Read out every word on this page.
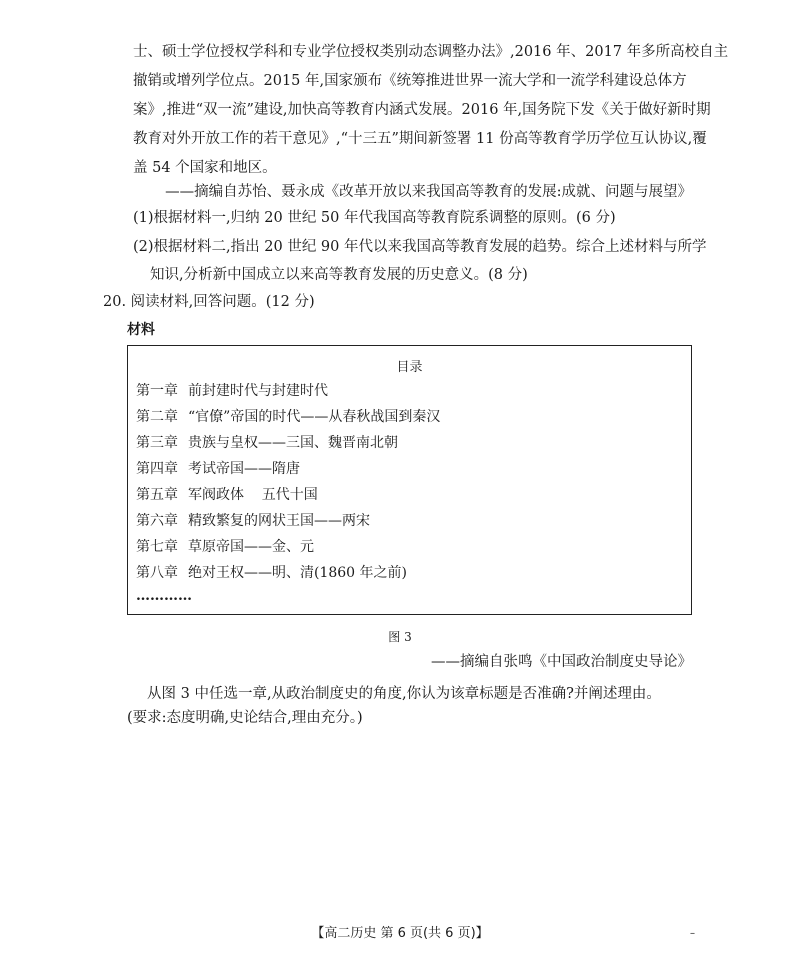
士、硕士学位授权学科和专业学位授权类别动态调整办法》,2016 年、2017 年多所高校自主
撤销或增列学位点。2015 年,国家颁布《统筹推进世界一流大学和一流学科建设总体方
案》,推进“双一流”建设,加快高等教育内涵式发展。2016 年,国务院下发《关于做好新时期
教育对外开放工作的若干意见》,“十三五”期间新签署 11 份高等教育学历学位互认协议,覆
盖 54 个国家和地区。
——摘编自苏怡、聂永成《改革开放以来我国高等教育的发展:成就、问题与展望》
(1)根据材料一,归纳 20 世纪 50 年代我国高等教育院系调整的原则。(6 分)
(2)根据材料二,指出 20 世纪 90 年代以来我国高等教育发展的趋势。综合上述材料与所学
知识,分析新中国成立以来高等教育发展的历史意义。(8 分)
20. 阅读材料,回答问题。(12 分)
材料
目录
第一章 前封建时代与封建时代
第二章 “官僚”帝国的时代——从春秋战国到秦汉
第三章 贵族与皇权——三国、魏晋南北朝
第四章 考试帝国——隋唐
第五章 军阀政体    五代十国
第六章 精致繁复的网状王国——两宋
第七章 草原帝国——金、元
第八章 绝对王权——明、清(1860 年之前)
…………
图 3
——摘编自张鸣《中国政治制度史导论》
从图 3 中任选一章,从政治制度史的角度,你认为该章标题是否准确?并阐述理由。
(要求:态度明确,史论结合,理由充分。)
【高二历史 第 6 页(共 6 页)】	–
